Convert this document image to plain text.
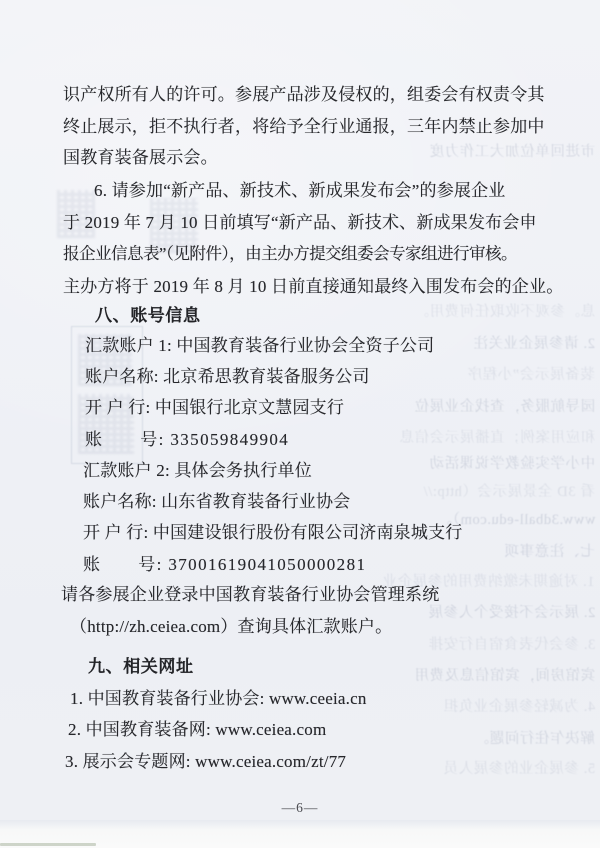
市进回单位加大工作力度
息。参观不收取任何费用。
2. 请参展企业关注
装备展示会”小程序
园导航服务，查找企业展位
和应用案例；直播展示会信息
中小学实验教学说课活动
看 3D 全景展示会（http://
www.3dball-edu.com）。
七、注意事项
1. 对逾期未缴纳费用的参展企业
2. 展示会不接受个人参展
3. 参会代表食宿自行安排
宾馆房间，宾馆信息及费用
4. 为减轻参展企业负担
解决乍住行问题。
5. 参展企业的参展人员
识产权所有人的许可。参展产品涉及侵权的，组委会有权责令其
终止展示，拒不执行者，将给予全行业通报，三年内禁止参加中
国教育装备展示会。
6. 请参加“新产品、新技术、新成果发布会”的参展企业
于 2019 年 7 月 10 日前填写“新产品、新技术、新成果发布会申
报企业信息表”（见附件），由主办方提交组委会专家组进行审核。
主办方将于 2019 年 8 月 10 日前直接通知最终入围发布会的企业。
八、账号信息
汇款账户 1: 中国教育装备行业协会全资子公司
账户名称: 北京希思教育装备服务公司
开 户 行: 中国银行北京文慧园支行
账　　号: 335059849904
汇款账户 2: 具体会务执行单位
账户名称: 山东省教育装备行业协会
开 户 行: 中国建设银行股份有限公司济南泉城支行
账　　号: 37001619041050000281
请各参展企业登录中国教育装备行业协会管理系统
（http://zh.ceiea.com）查询具体汇款账户。
九、相关网址
1. 中国教育装备行业协会: www.ceeia.cn
2. 中国教育装备网: www.ceiea.com
3. 展示会专题网: www.ceiea.com/zt/77
—6—
